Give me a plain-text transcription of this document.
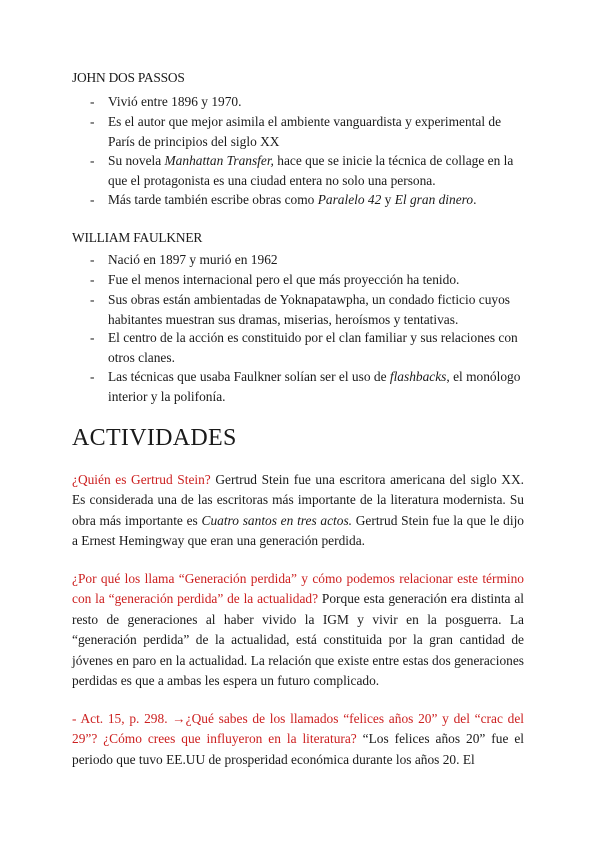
JOHN DOS PASSOS
- Vivió entre 1896 y 1970.
- Es el autor que mejor asimila el ambiente vanguardista y experimental de París de principios del siglo XX
- Su novela Manhattan Transfer, hace que se inicie la técnica de collage en la que el protagonista es una ciudad entera no solo una persona.
- Más tarde también escribe obras como Paralelo 42 y El gran dinero.
WILLIAM FAULKNER
- Nació en 1897 y murió en 1962
- Fue el menos internacional pero el que más proyección ha tenido.
- Sus obras están ambientadas de Yoknapatawpha, un condado ficticio cuyos habitantes muestran sus dramas, miserias, heroísmos y tentativas.
- El centro de la acción es constituido por el clan familiar y sus relaciones con otros clanes.
- Las técnicas que usaba Faulkner solían ser el uso de flashbacks, el monólogo interior y la polifonía.
ACTIVIDADES
¿Quién es Gertrud Stein? Gertrud Stein fue una escritora americana del siglo XX. Es considerada una de las escritoras más importante de la literatura modernista. Su obra más importante es Cuatro santos en tres actos. Gertrud Stein fue la que le dijo a Ernest Hemingway que eran una generación perdida.
¿Por qué los llama “Generación perdida” y cómo podemos relacionar este término con la “generación perdida” de la actualidad? Porque esta generación era distinta al resto de generaciones al haber vivido la IGM y vivir en la posguerra. La “generación perdida” de la actualidad, está constituida por la gran cantidad de jóvenes en paro en la actualidad. La relación que existe entre estas dos generaciones perdidas es que a ambas les espera un futuro complicado.
- Act. 15, p. 298. →¿Qué sabes de los llamados “felices años 20” y del “crac del 29”? ¿Cómo crees que influyeron en la literatura? “Los felices años 20” fue el periodo que tuvo EE.UU de prosperidad económica durante los años 20. El
